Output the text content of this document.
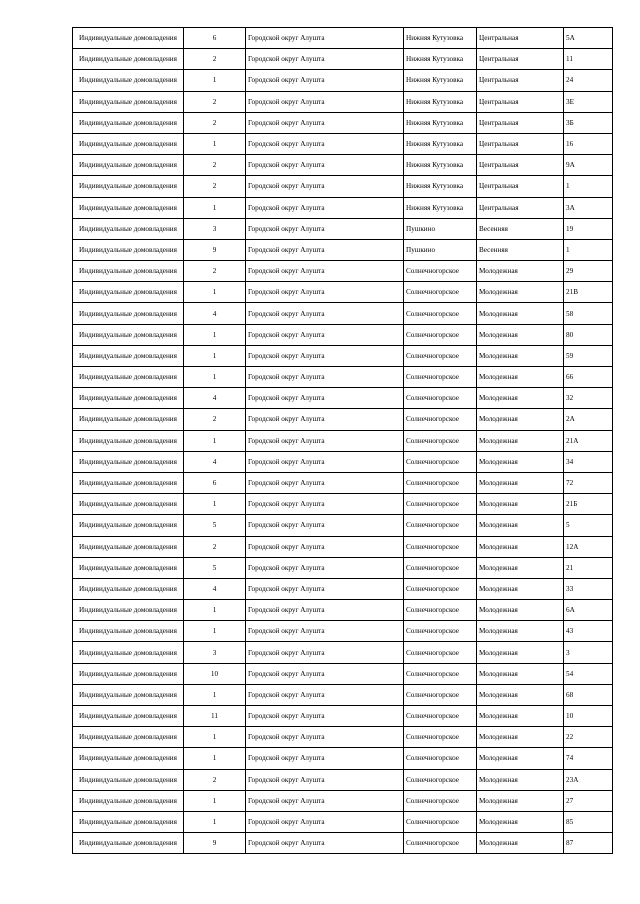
Индивидуальные домовладения	6	Городской округ Алушта	Нижняя Кутузовка	Центральная	5А
Индивидуальные домовладения	2	Городской округ Алушта	Нижняя Кутузовка	Центральная	11
Индивидуальные домовладения	1	Городской округ Алушта	Нижняя Кутузовка	Центральная	24
Индивидуальные домовладения	2	Городской округ Алушта	Нижняя Кутузовка	Центральная	3Е
Индивидуальные домовладения	2	Городской округ Алушта	Нижняя Кутузовка	Центральная	3Б
Индивидуальные домовладения	1	Городской округ Алушта	Нижняя Кутузовка	Центральная	16
Индивидуальные домовладения	2	Городской округ Алушта	Нижняя Кутузовка	Центральная	9А
Индивидуальные домовладения	2	Городской округ Алушта	Нижняя Кутузовка	Центральная	1
Индивидуальные домовладения	1	Городской округ Алушта	Нижняя Кутузовка	Центральная	3А
Индивидуальные домовладения	3	Городской округ Алушта	Пушкино	Весенняя	19
Индивидуальные домовладения	9	Городской округ Алушта	Пушкино	Весенняя	1
Индивидуальные домовладения	2	Городской округ Алушта	Солнечногорское	Молодежная	29
Индивидуальные домовладения	1	Городской округ Алушта	Солнечногорское	Молодежная	21В
Индивидуальные домовладения	4	Городской округ Алушта	Солнечногорское	Молодежная	58
Индивидуальные домовладения	1	Городской округ Алушта	Солнечногорское	Молодежная	80
Индивидуальные домовладения	1	Городской округ Алушта	Солнечногорское	Молодежная	59
Индивидуальные домовладения	1	Городской округ Алушта	Солнечногорское	Молодежная	66
Индивидуальные домовладения	4	Городской округ Алушта	Солнечногорское	Молодежная	32
Индивидуальные домовладения	2	Городской округ Алушта	Солнечногорское	Молодежная	2А
Индивидуальные домовладения	1	Городской округ Алушта	Солнечногорское	Молодежная	21А
Индивидуальные домовладения	4	Городской округ Алушта	Солнечногорское	Молодежная	34
Индивидуальные домовладения	6	Городской округ Алушта	Солнечногорское	Молодежная	72
Индивидуальные домовладения	1	Городской округ Алушта	Солнечногорское	Молодежная	21Б
Индивидуальные домовладения	5	Городской округ Алушта	Солнечногорское	Молодежная	5
Индивидуальные домовладения	2	Городской округ Алушта	Солнечногорское	Молодежная	12А
Индивидуальные домовладения	5	Городской округ Алушта	Солнечногорское	Молодежная	21
Индивидуальные домовладения	4	Городской округ Алушта	Солнечногорское	Молодежная	33
Индивидуальные домовладения	1	Городской округ Алушта	Солнечногорское	Молодежная	6А
Индивидуальные домовладения	1	Городской округ Алушта	Солнечногорское	Молодежная	43
Индивидуальные домовладения	3	Городской округ Алушта	Солнечногорское	Молодежная	3
Индивидуальные домовладения	10	Городской округ Алушта	Солнечногорское	Молодежная	54
Индивидуальные домовладения	1	Городской округ Алушта	Солнечногорское	Молодежная	68
Индивидуальные домовладения	11	Городской округ Алушта	Солнечногорское	Молодежная	10
Индивидуальные домовладения	1	Городской округ Алушта	Солнечногорское	Молодежная	22
Индивидуальные домовладения	1	Городской округ Алушта	Солнечногорское	Молодежная	74
Индивидуальные домовладения	2	Городской округ Алушта	Солнечногорское	Молодежная	23А
Индивидуальные домовладения	1	Городской округ Алушта	Солнечногорское	Молодежная	27
Индивидуальные домовладения	1	Городской округ Алушта	Солнечногорское	Молодежная	85
Индивидуальные домовладения	9	Городской округ Алушта	Солнечногорское	Молодежная	87
